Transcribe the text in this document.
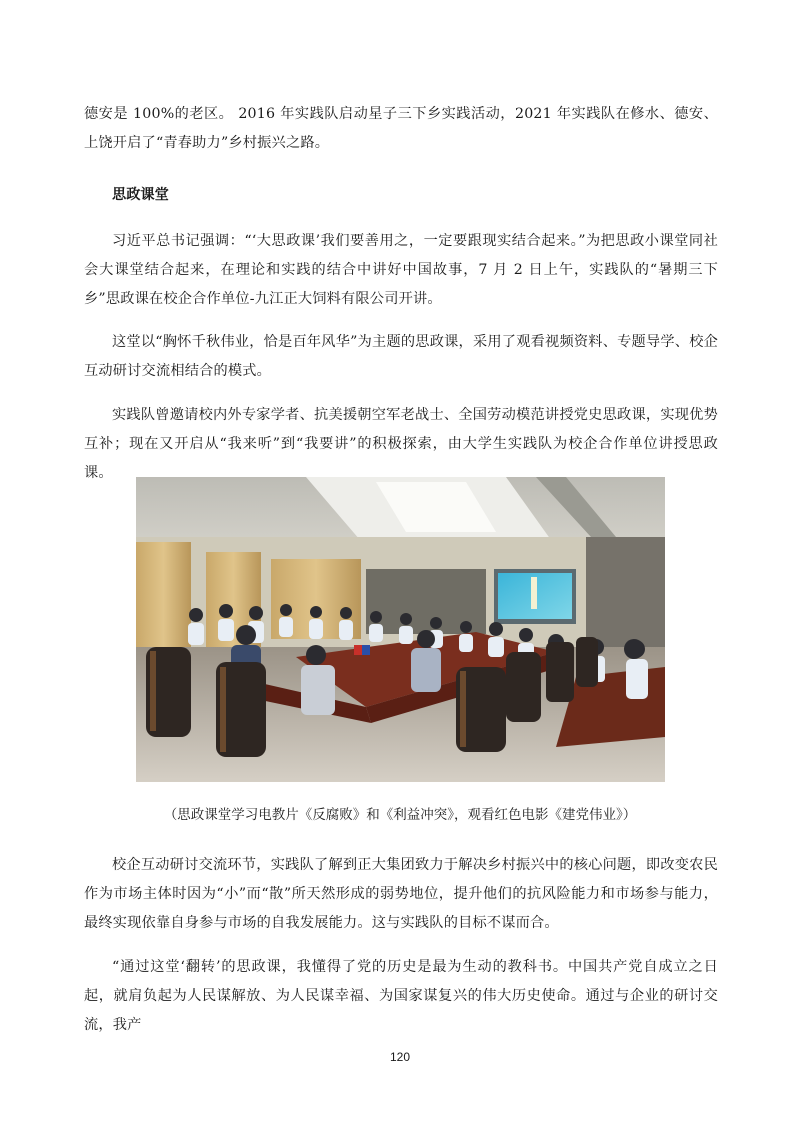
德安是 100%的老区。 2016 年实践队启动星子三下乡实践活动，2021 年实践队在修水、德安、上饶开启了“青春助力”乡村振兴之路。

思政课堂

习近平总书记强调：“‘大思政课’我们要善用之，一定要跟现实结合起来。”为把思政小课堂同社会大课堂结合起来，在理论和实践的结合中讲好中国故事，7 月 2 日上午，实践队的“暑期三下乡”思政课在校企合作单位-九江正大饲料有限公司开讲。

这堂以“胸怀千秋伟业，恰是百年风华”为主题的思政课，采用了观看视频资料、专题导学、校企互动研讨交流相结合的模式。

实践队曾邀请校内外专家学者、抗美援朝空军老战士、全国劳动模范讲授党史思政课，实现优势互补；现在又开启从“我来听”到“我要讲”的积极探索，由大学生实践队为校企合作单位讲授思政课。

（思政课堂学习电教片《反腐败》和《利益冲突》，观看红色电影《建党伟业》）

校企互动研讨交流环节，实践队了解到正大集团致力于解决乡村振兴中的核心问题，即改变农民作为市场主体时因为“小”而“散”所天然形成的弱势地位，提升他们的抗风险能力和市场参与能力，最终实现依靠自身参与市场的自我发展能力。这与实践队的目标不谋而合。

“通过这堂‘翻转’的思政课，我懂得了党的历史是最为生动的教科书。中国共产党自成立之日起，就肩负起为人民谋解放、为人民谋幸福、为国家谋复兴的伟大历史使命。通过与企业的研讨交流，我产

120
